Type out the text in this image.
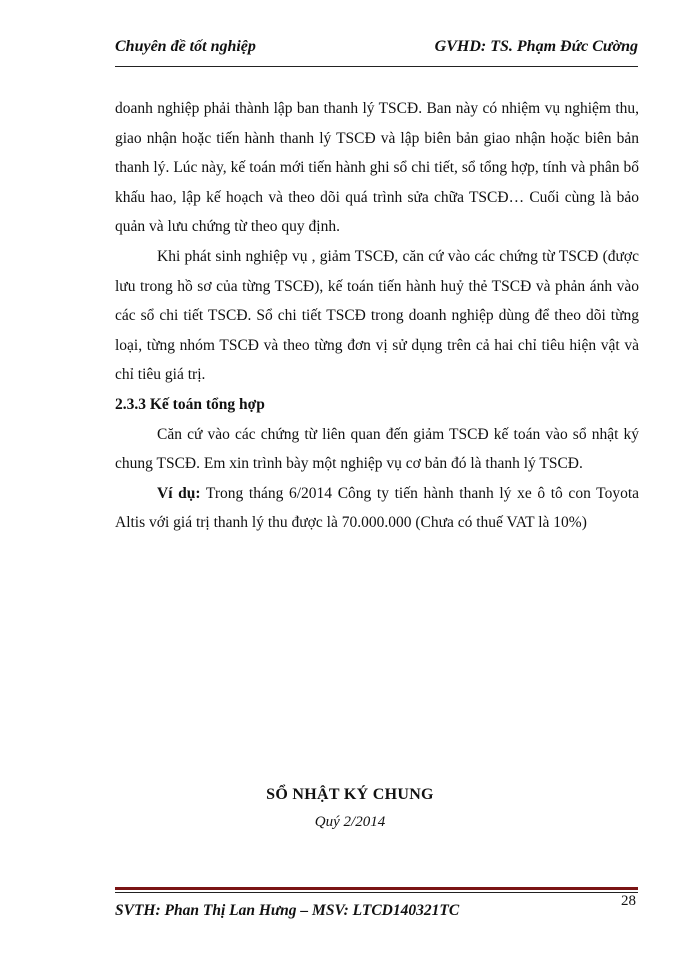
Chuyên đề tốt nghiệp	GVHD: TS. Phạm Đức Cường

doanh nghiệp phải thành lập ban thanh lý TSCĐ. Ban này có nhiệm vụ nghiệm thu, giao nhận hoặc tiến hành thanh lý TSCĐ và lập biên bản giao nhận hoặc biên bản thanh lý. Lúc này, kế toán mới tiến hành ghi sổ chi tiết, sổ tổng hợp, tính và phân bổ khấu hao, lập kế hoạch và theo dõi quá trình sửa chữa TSCĐ… Cuối cùng là bảo quản và lưu chứng từ theo quy định.

Khi phát sinh nghiệp vụ , giảm TSCĐ, căn cứ vào các chứng từ TSCĐ (được lưu trong hồ sơ của từng TSCĐ), kế toán tiến hành huỷ thẻ TSCĐ và phản ánh vào các sổ chi tiết TSCĐ. Sổ chi tiết TSCĐ trong doanh nghiệp dùng để theo dõi từng loại, từng nhóm TSCĐ và theo từng đơn vị sử dụng trên cả hai chỉ tiêu hiện vật và chỉ tiêu giá trị.

2.3.3 Kế toán tổng hợp

Căn cứ vào các chứng từ liên quan đến giảm TSCĐ kế toán vào sổ nhật ký chung TSCĐ. Em xin trình bày một nghiệp vụ cơ bản đó là thanh lý TSCĐ.

Ví dụ: Trong tháng 6/2014 Công ty tiến hành thanh lý xe ô tô con Toyota Altis với giá trị thanh lý thu được là 70.000.000 (Chưa có thuế VAT là 10%)

SỔ NHẬT KÝ CHUNG
Quý 2/2014
SVTH: Phan Thị Lan Hưng – MSV: LTCD140321TC
28
